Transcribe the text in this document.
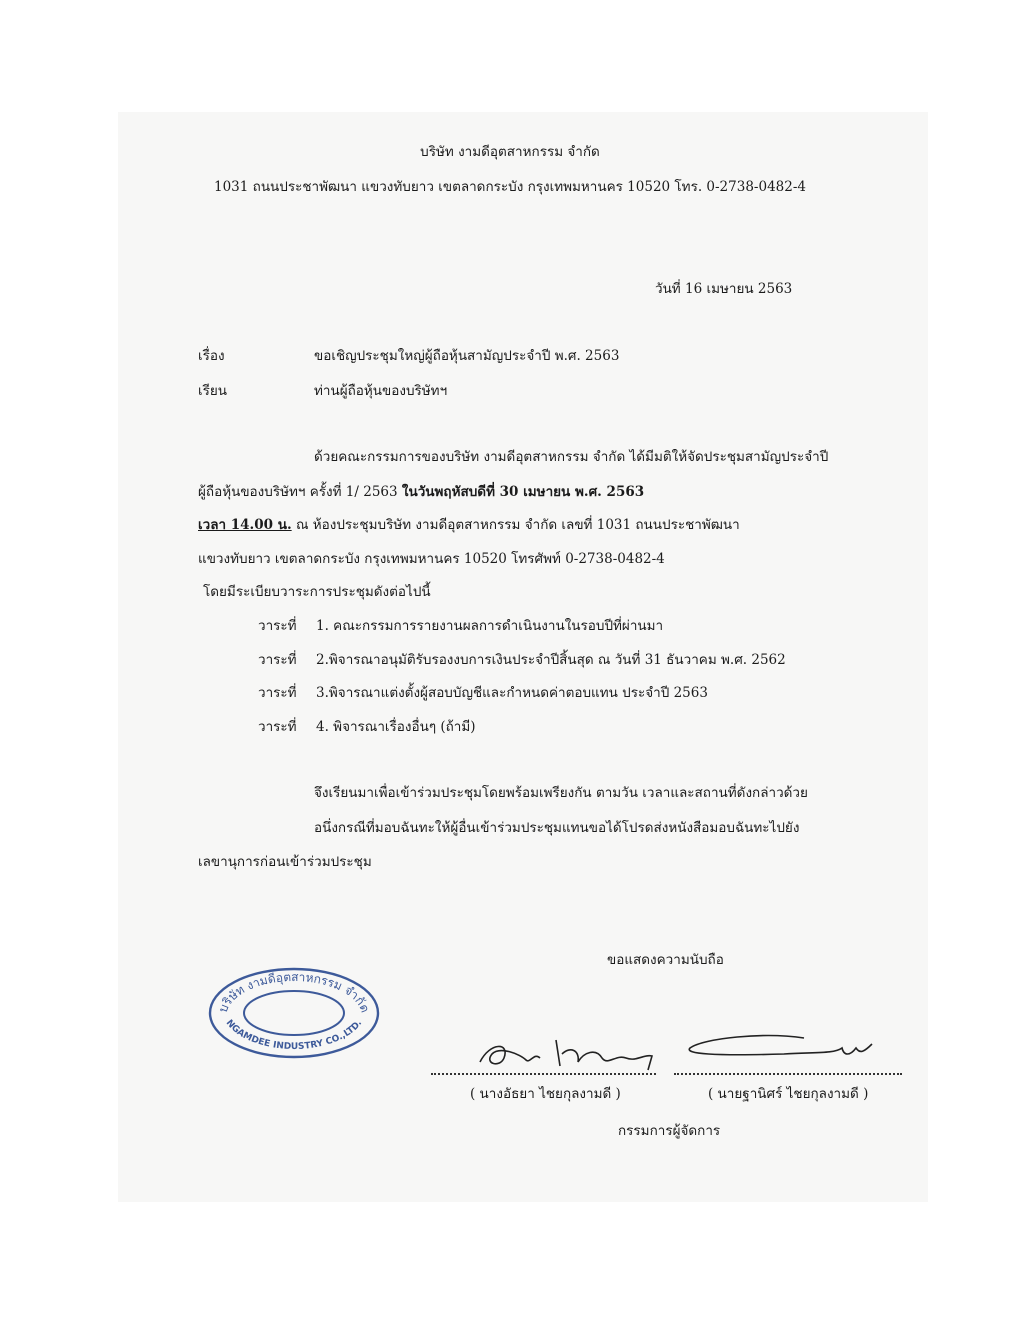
บริษัท งามดีอุตสาหกรรม จำกัด
1031 ถนนประชาพัฒนา แขวงทับยาว เขตลาดกระบัง กรุงเทพมหานคร 10520 โทร. 0-2738-0482-4
วันที่ 16 เมษายน 2563
เรื่อง	ขอเชิญประชุมใหญ่ผู้ถือหุ้นสามัญประจำปี พ.ศ. 2563
เรียน	ท่านผู้ถือหุ้นของบริษัทฯ
ด้วยคณะกรรมการของบริษัท งามดีอุตสาหกรรม จำกัด ได้มีมติให้จัดประชุมสามัญประจำปี
ผู้ถือหุ้นของบริษัทฯ ครั้งที่ 1/ 2563 ในวันพฤหัสบดีที่ 30 เมษายน พ.ศ. 2563
เวลา 14.00 น. ณ ห้องประชุมบริษัท งามดีอุตสาหกรรม จำกัด เลขที่ 1031 ถนนประชาพัฒนา
แขวงทับยาว เขตลาดกระบัง กรุงเทพมหานคร 10520 โทรศัพท์ 0-2738-0482-4
โดยมีระเบียบวาระการประชุมดังต่อไปนี้
วาระที่ 1. คณะกรรมการรายงานผลการดำเนินงานในรอบปีที่ผ่านมา
วาระที่ 2.พิจารณาอนุมัติรับรองงบการเงินประจำปีสิ้นสุด ณ วันที่ 31 ธันวาคม พ.ศ. 2562
วาระที่ 3.พิจารณาแต่งตั้งผู้สอบบัญชีและกำหนดค่าตอบแทน ประจำปี 2563
วาระที่ 4. พิจารณาเรื่องอื่นๆ (ถ้ามี)
จึงเรียนมาเพื่อเข้าร่วมประชุมโดยพร้อมเพรียงกัน ตามวัน เวลาและสถานที่ดังกล่าวด้วย
อนึ่งกรณีที่มอบฉันทะให้ผู้อื่นเข้าร่วมประชุมแทนขอได้โปรดส่งหนังสือมอบฉันทะไปยัง
เลขานุการก่อนเข้าร่วมประชุม
ขอแสดงความนับถือ
บริษัท งามดีอุตสาหกรรม จำกัด
NGAMDEE INDUSTRY CO.,LTD.
( นางอัธยา ไชยกุลงามดี )	( นายฐานิศร์ ไชยกุลงามดี )
กรรมการผู้จัดการ
